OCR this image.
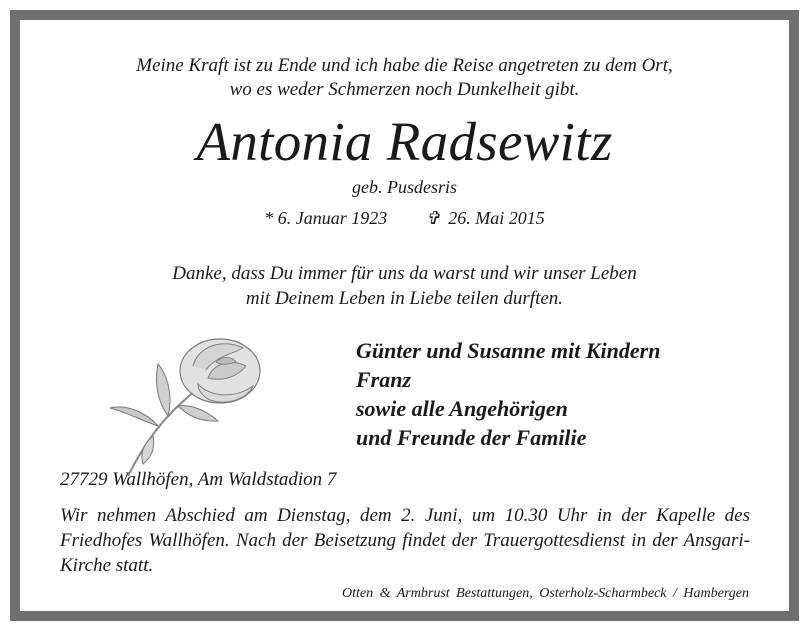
Meine Kraft ist zu Ende und ich habe die Reise angetreten zu dem Ort,
wo es weder Schmerzen noch Dunkelheit gibt.
Antonia Radsewitz
geb. Pusdesris
* 6. Januar 1923 ✞ 26. Mai 2015
Danke, dass Du immer für uns da warst und wir unser Leben
mit Deinem Leben in Liebe teilen durften.
Günter und Susanne mit Kindern
Franz
sowie alle Angehörigen
und Freunde der Familie
27729 Wallhöfen, Am Waldstadion 7
Wir nehmen Abschied am Dienstag, dem 2. Juni, um 10.30 Uhr in der Kapelle des Friedhofes Wallhöfen. Nach der Beisetzung findet der Trauergottesdienst in der Ansgari-Kirche statt.
Otten & Armbrust Bestattungen, Osterholz-Scharmbeck / Hambergen
